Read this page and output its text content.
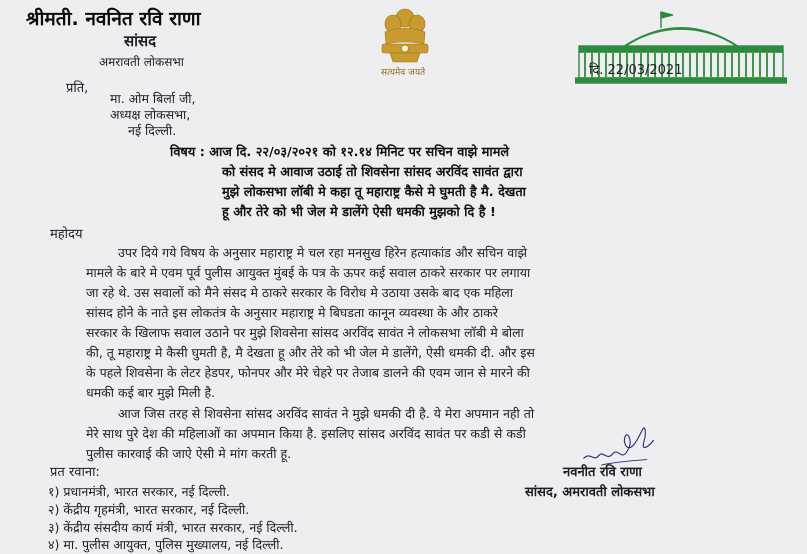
श्रीमती. नवनित रवि राणा
सांसद
अमरावती लोकसभा
सत्यमेव जयते	दि. 22/03/2021
प्रति,
मा. ओम बिर्ला जी,
अध्यक्ष लोकसभा,
नई दिल्ली.
विषय : आज दि. २२/०३/२०२१ को १२.१४ मिनिट पर सचिन वाझे मामले
को संसद मे आवाज उठाई तो शिवसेना सांसद अरविंद सावंत द्वारा
मुझे लोकसभा लॉबी मे कहा तू महाराष्ट्र कैसे मे घुमती है मै. देखता
हू और तेरे को भी जेल मे डालेंगे ऐसी धमकी मुझको दि है !
महोदय
उपर दिये गये विषय के अनुसार महाराष्ट्र मे चल रहा मनसुख हिरेन हत्याकांड और सचिन वाझे
मामले के बारे मे एवम पूर्व पुलीस आयुक्त मुंबई के पत्र के ऊपर कई सवाल ठाकरे सरकार पर लगाया
जा रहे थे. उस सवालों को मैने संसद मे ठाकरे सरकार के विरोध मे उठाया उसके बाद एक महिला
सांसद होने के नाते इस लोकतंत्र के अनुसार महाराष्ट्र मे बिघडता कानून व्यवस्था के और ठाकरे
सरकार के खिलाफ सवाल उठाने पर मुझे शिवसेना सांसद अरविंद सावंत ने लोकसभा लॉबी मे बोला
की, तू महाराष्ट्र मे कैसी घुमती है, मै देखता हू और तेरे को भी जेल मे डालेंगे, ऐसी धमकी दी. और इस
के पहले शिवसेना के लेटर हेडपर, फोनपर और मेरे चेहरे पर तेजाब डालने की एवम जान से मारने की
धमकी कई बार मुझे मिली है.
आज जिस तरह से शिवसेना सांसद अरविंद सावंत ने मुझे धमकी दी है. ये मेरा अपमान नही तो
मेरे साथ पुरे देश की महिलाओं का अपमान किया है. इसलिए सांसद अरविंद सावंत पर कडी से कडी
पुलीस कारवाई की जाऐ ऐसी मे मांग करती हू.
नवनीत रवि राणा
सांसद, अमरावती लोकसभा
प्रत रवाना:
१) प्रधानमंत्री, भारत सरकार, नई दिल्ली.
२) केंद्रीय गृहमंत्री, भारत सरकार, नई दिल्ली.
३) केंद्रीय संसदीय कार्य मंत्री, भारत सरकार, नई दिल्ली.
४) मा. पुलीस आयुक्त, पुलिस मुख्यालय, नई दिल्ली.
